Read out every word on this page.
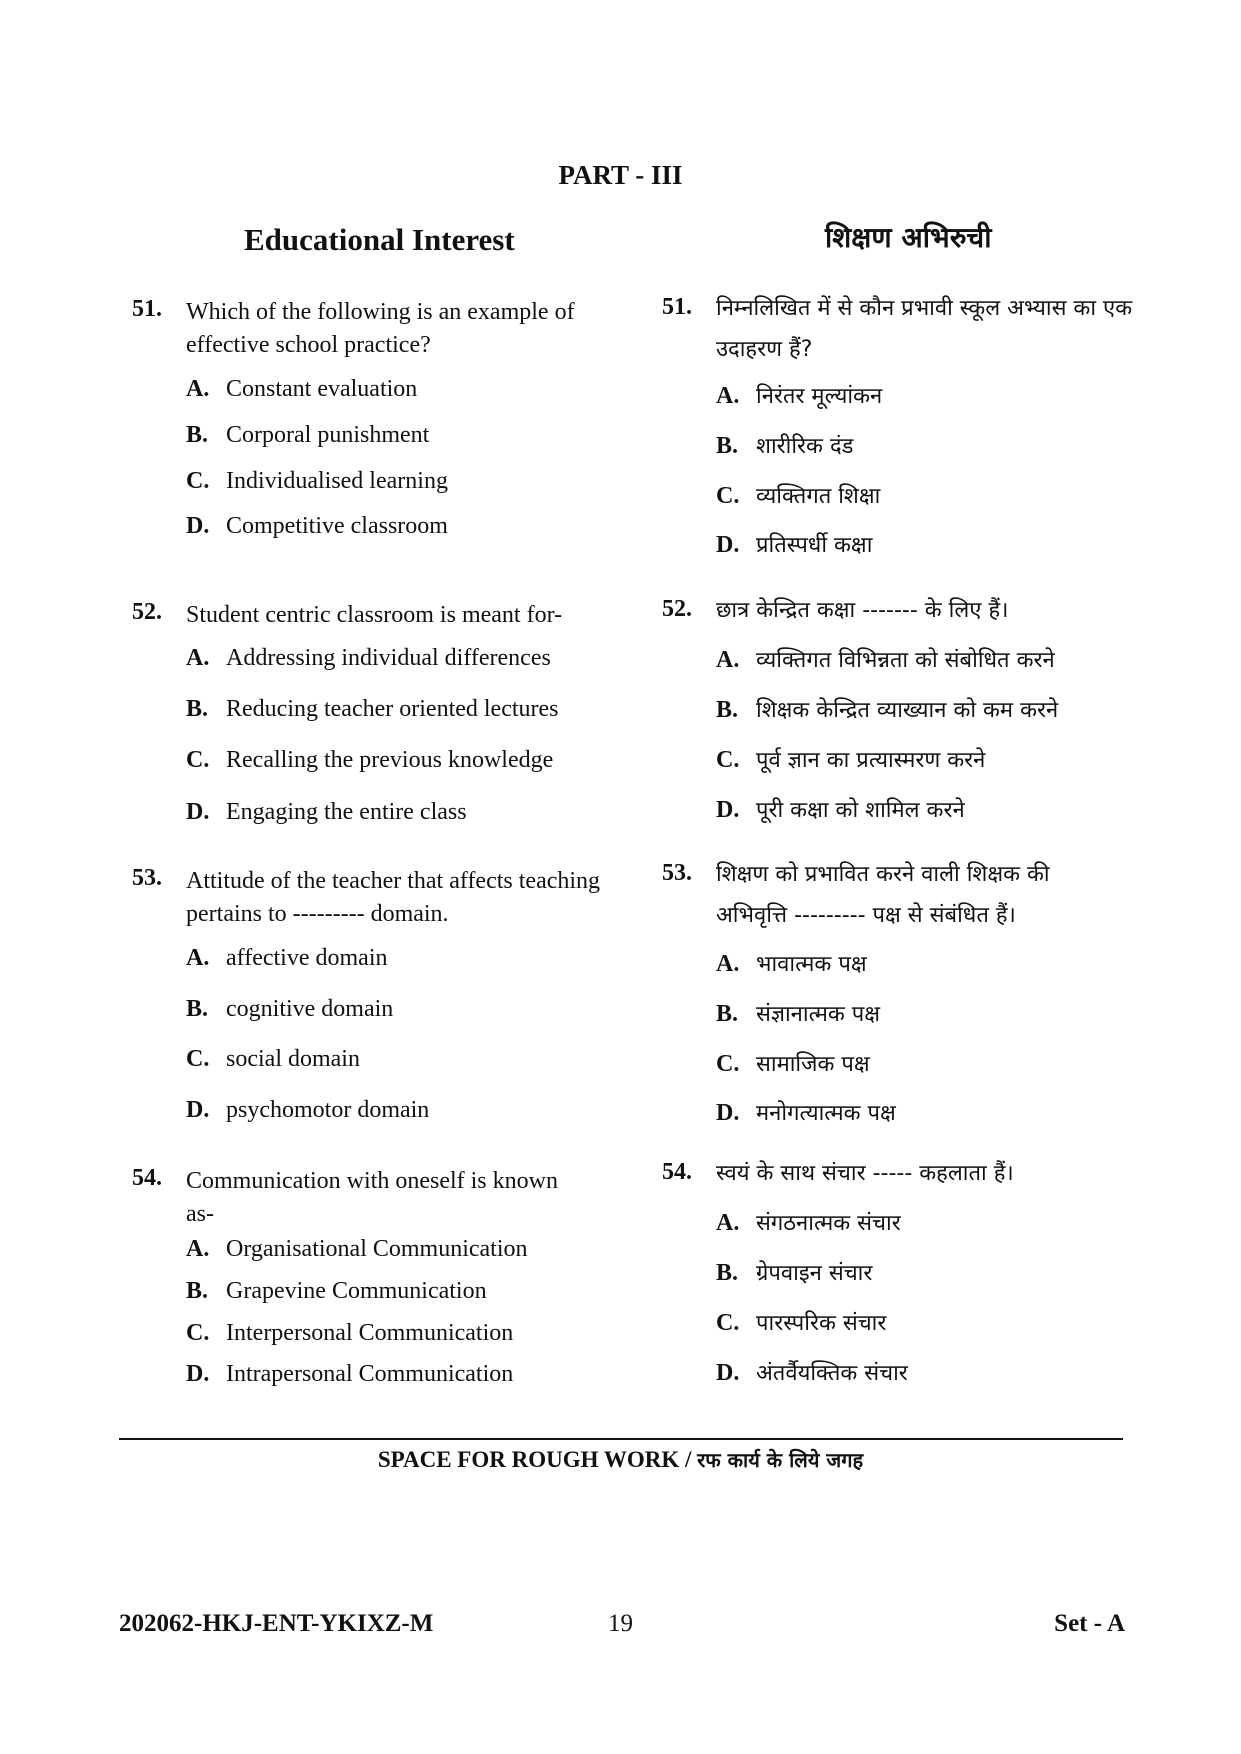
PART - III
Educational Interest	शिक्षण अभिरुची
51. Which of the following is an example of effective school practice?
A. Constant evaluation
B. Corporal punishment
C. Individualised learning
D. Competitive classroom
52. Student centric classroom is meant for-
A. Addressing individual differences
B. Reducing teacher oriented lectures
C. Recalling the previous knowledge
D. Engaging the entire class
53. Attitude of the teacher that affects teaching pertains to --------- domain.
A. affective domain
B. cognitive domain
C. social domain
D. psychomotor domain
54. Communication with oneself is known as-
A. Organisational Communication
B. Grapevine Communication
C. Interpersonal Communication
D. Intrapersonal Communication
51. निम्नलिखित में से कौन प्रभावी स्कूल अभ्यास का एक उदाहरण हैं?
A. निरंतर मूल्यांकन
B. शारीरिक दंड
C. व्यक्तिगत शिक्षा
D. प्रतिस्पर्धी कक्षा
52. छात्र केन्द्रित कक्षा ------- के लिए हैं।
A. व्यक्तिगत विभिन्नता को संबोधित करने
B. शिक्षक केन्द्रित व्याख्यान को कम करने
C. पूर्व ज्ञान का प्रत्यास्मरण करने
D. पूरी कक्षा को शामिल करने
53. शिक्षण को प्रभावित करने वाली शिक्षक की अभिवृत्ति --------- पक्ष से संबंधित हैं।
A. भावात्मक पक्ष
B. संज्ञानात्मक पक्ष
C. सामाजिक पक्ष
D. मनोगत्यात्मक पक्ष
54. स्वयं के साथ संचार ----- कहलाता हैं।
A. संगठनात्मक संचार
B. ग्रेपवाइन संचार
C. पारस्परिक संचार
D. अंतर्वैयक्तिक संचार
SPACE FOR ROUGH WORK / रफ कार्य के लिये जगह
202062-HKJ-ENT-YKIXZ-M	19	Set - A
